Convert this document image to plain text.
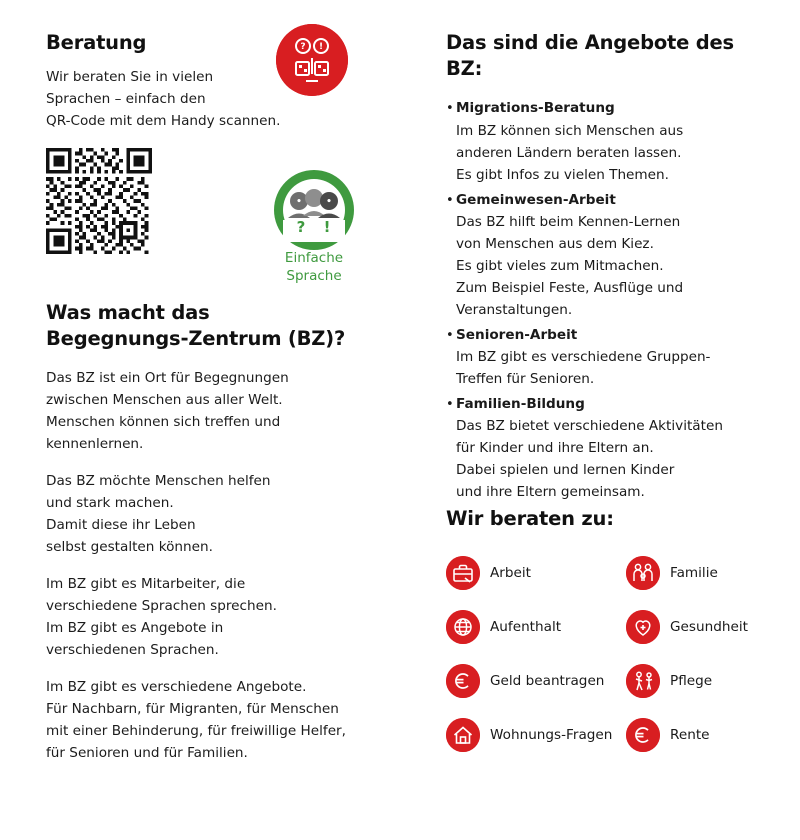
Beratung

Wir beraten Sie in vielen
Sprachen – einfach den
QR-Code mit dem Handy scannen.

Was macht das
Begegnungs-Zentrum (BZ)?

Das BZ ist ein Ort für Begegnungen
zwischen Menschen aus aller Welt.
Menschen können sich treffen und
kennenlernen.

Das BZ möchte Menschen helfen
und stark machen.
Damit diese ihr Leben
selbst gestalten können.

Im BZ gibt es Mitarbeiter, die
verschiedene Sprachen sprechen.
Im BZ gibt es Angebote in
verschiedenen Sprachen.

Im BZ gibt es verschiedene Angebote.
Für Nachbarn, für Migranten, für Menschen
mit einer Behinderung, für freiwillige Helfer,
für Senioren und für Familien.

? !
•	•
? !
Einfache
Sprache
Das sind die Angebote des BZ:
• Migrations-Beratung
Im BZ können sich Menschen aus
anderen Ländern beraten lassen.
Es gibt Infos zu vielen Themen.
• Gemeinwesen-Arbeit
Das BZ hilft beim Kennen-Lernen
von Menschen aus dem Kiez.
Es gibt vieles zum Mitmachen.
Zum Beispiel Feste, Ausflüge und
Veranstaltungen.
• Senioren-Arbeit
Im BZ gibt es verschiedene Gruppen-
Treffen für Senioren.
• Familien-Bildung
Das BZ bietet verschiedene Aktivitäten
für Kinder und ihre Eltern an.
Dabei spielen und lernen Kinder
und ihre Eltern gemeinsam.
Wir beraten zu:
Arbeit	Familie
Aufenthalt	Gesundheit
Geld beantragen	Pflege
Wohnungs-Fragen	Rente
